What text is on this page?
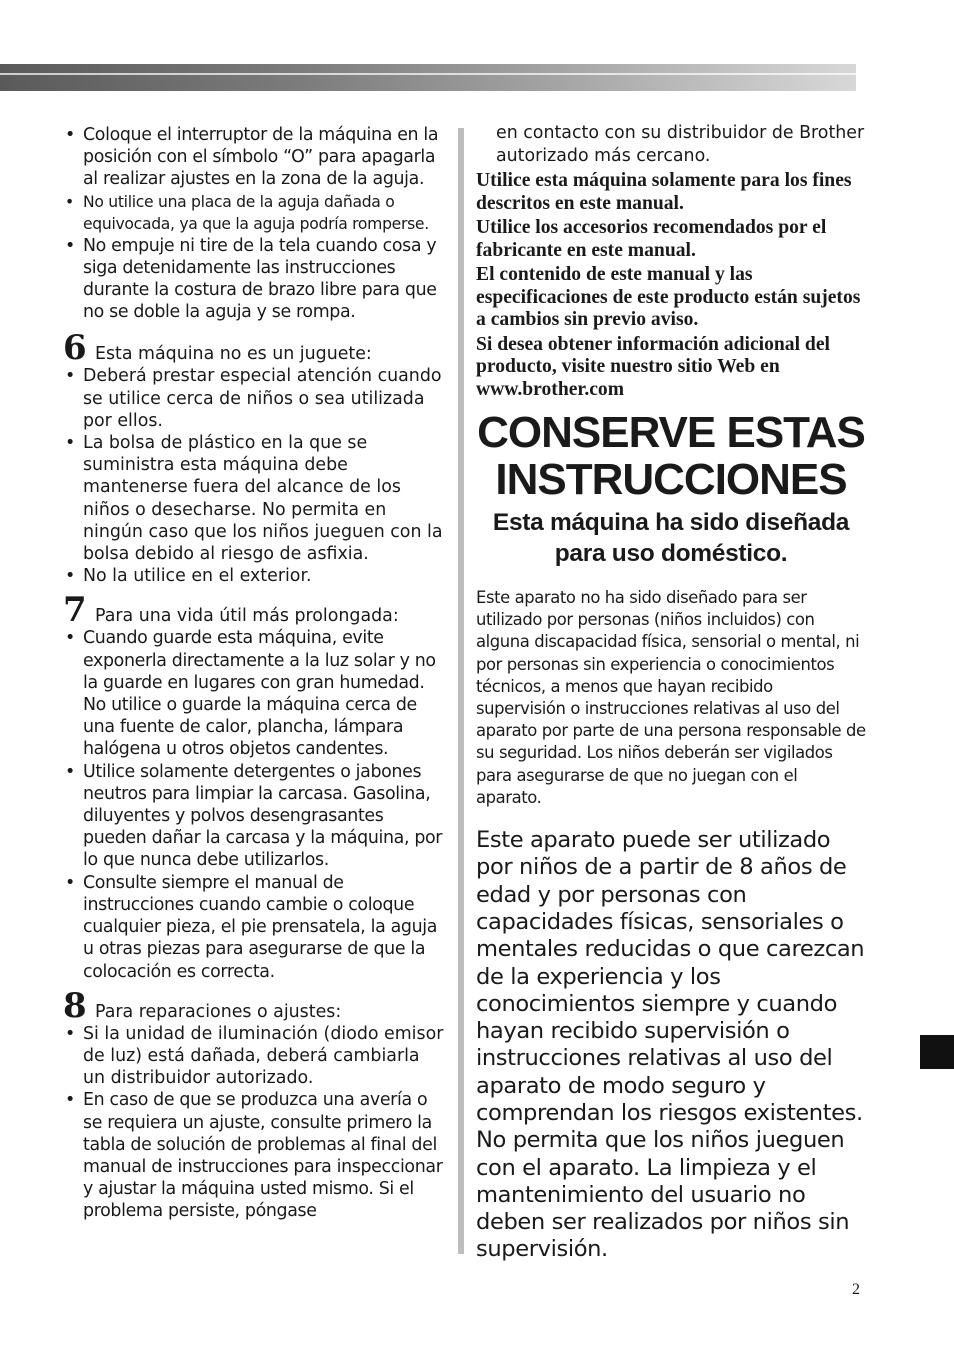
• Coloque el interruptor de la máquina en la posición con el símbolo “O” para apagarla al realizar ajustes en la zona de la aguja.
• No utilice una placa de la aguja dañada o equivocada, ya que la aguja podría romperse.
• No empuje ni tire de la tela cuando cosa y siga detenidamente las instrucciones durante la costura de brazo libre para que no se doble la aguja y se rompa.
6 Esta máquina no es un juguete:
• Deberá prestar especial atención cuando se utilice cerca de niños o sea utilizada por ellos.
• La bolsa de plástico en la que se suministra esta máquina debe mantenerse fuera del alcance de los niños o desecharse. No permita en ningún caso que los niños jueguen con la bolsa debido al riesgo de asfixia.
• No la utilice en el exterior.
7 Para una vida útil más prolongada:
• Cuando guarde esta máquina, evite exponerla directamente a la luz solar y no la guarde en lugares con gran humedad. No utilice o guarde la máquina cerca de una fuente de calor, plancha, lámpara halógena u otros objetos candentes.
• Utilice solamente detergentes o jabones neutros para limpiar la carcasa. Gasolina, diluyentes y polvos desengrasantes pueden dañar la carcasa y la máquina, por lo que nunca debe utilizarlos.
• Consulte siempre el manual de instrucciones cuando cambie o coloque cualquier pieza, el pie prensatela, la aguja u otras piezas para asegurarse de que la colocación es correcta.
8 Para reparaciones o ajustes:
• Si la unidad de iluminación (diodo emisor de luz) está dañada, deberá cambiarla un distribuidor autorizado.
• En caso de que se produzca una avería o se requiera un ajuste, consulte primero la tabla de solución de problemas al final del manual de instrucciones para inspeccionar y ajustar la máquina usted mismo. Si el problema persiste, póngase
en contacto con su distribuidor de Brother autorizado más cercano.

Utilice esta máquina solamente para los fines descritos en este manual.

Utilice los accesorios recomendados por el fabricante en este manual.

El contenido de este manual y las especificaciones de este producto están sujetos a cambios sin previo aviso.

Si desea obtener información adicional del producto, visite nuestro sitio Web en www.brother.com

CONSERVE ESTAS INSTRUCCIONES
Esta máquina ha sido diseñada para uso doméstico.

Este aparato no ha sido diseñado para ser utilizado por personas (niños incluidos) con alguna discapacidad física, sensorial o mental, ni por personas sin experiencia o conocimientos técnicos, a menos que hayan recibido supervisión o instrucciones relativas al uso del aparato por parte de una persona responsable de su seguridad. Los niños deberán ser vigilados para asegurarse de que no juegan con el aparato.

Este aparato puede ser utilizado por niños de a partir de 8 años de edad y por personas con capacidades físicas, sensoriales o mentales reducidas o que carezcan de la experiencia y los conocimientos siempre y cuando hayan recibido supervisión o instrucciones relativas al uso del aparato de modo seguro y comprendan los riesgos existentes. No permita que los niños jueguen con el aparato. La limpieza y el mantenimiento del usuario no deben ser realizados por niños sin supervisión.

2
